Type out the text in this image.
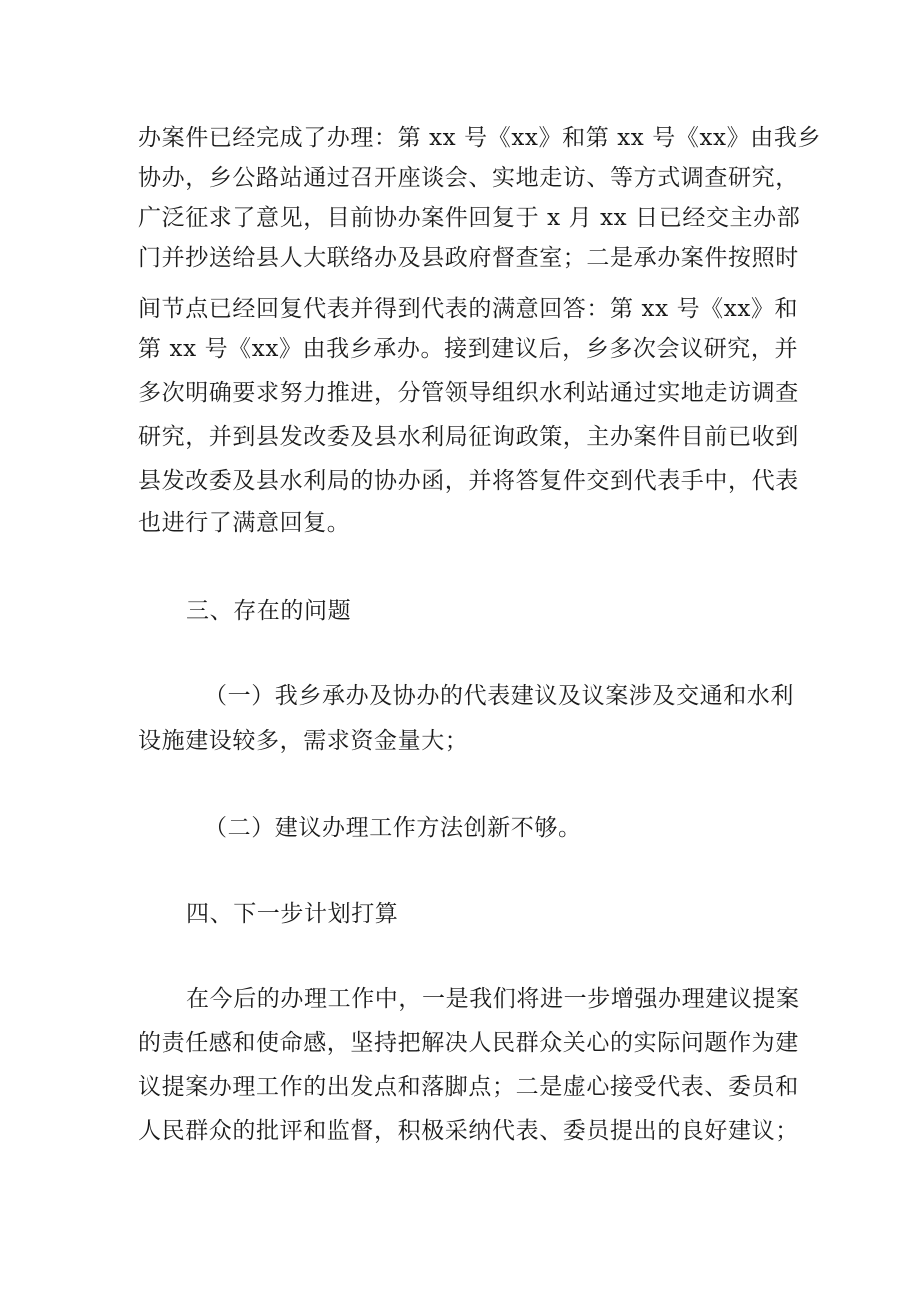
办案件已经完成了办理：第 xx 号《xx》和第 xx 号《xx》由我乡
协办，乡公路站通过召开座谈会、实地走访、等方式调查研究，
广泛征求了意见，目前协办案件回复于 x 月 xx 日已经交主办部
门并抄送给县人大联络办及县政府督查室；二是承办案件按照时
间节点已经回复代表并得到代表的满意回答：第 xx 号《xx》和
第 xx 号《xx》由我乡承办。接到建议后，乡多次会议研究，并
多次明确要求努力推进，分管领导组织水利站通过实地走访调查
研究，并到县发改委及县水利局征询政策，主办案件目前已收到
县发改委及县水利局的协办函，并将答复件交到代表手中，代表
也进行了满意回复。
三、存在的问题
（一）我乡承办及协办的代表建议及议案涉及交通和水利
设施建设较多，需求资金量大；
（二）建议办理工作方法创新不够。
四、下一步计划打算
在今后的办理工作中，一是我们将进一步增强办理建议提案
的责任感和使命感，坚持把解决人民群众关心的实际问题作为建
议提案办理工作的出发点和落脚点；二是虚心接受代表、委员和
人民群众的批评和监督，积极采纳代表、委员提出的良好建议；
